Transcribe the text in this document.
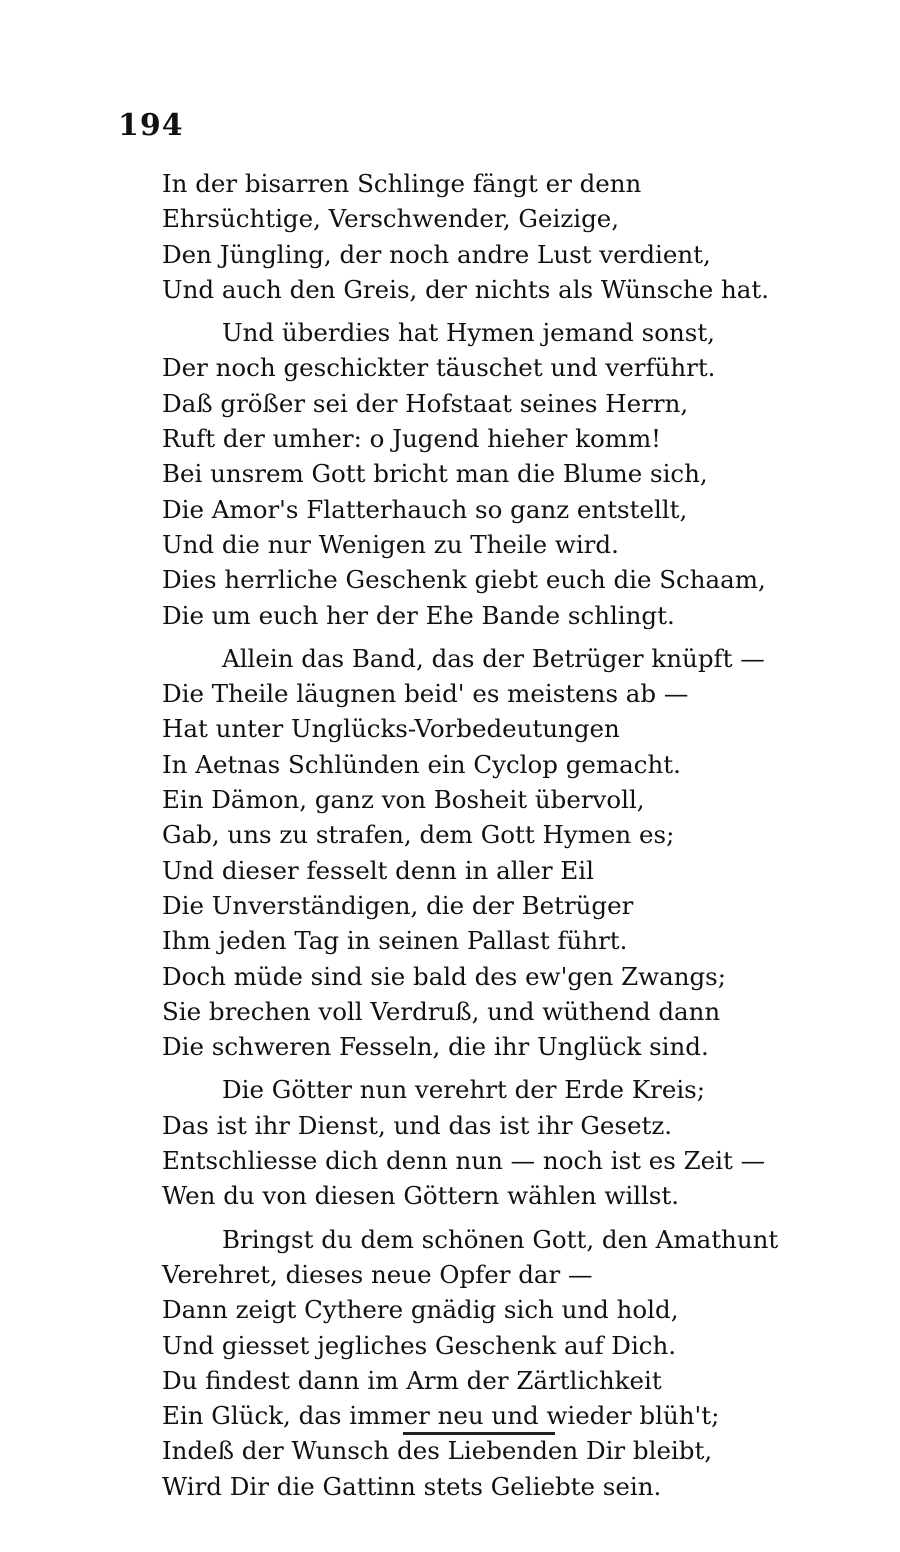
194
In der bisarren Schlinge fängt er denn
Ehrsüchtige, Verschwender, Geizige,
Den Jüngling, der noch andre Lust verdient,
Und auch den Greis, der nichts als Wünsche hat.
Und überdies hat Hymen jemand sonst,
Der noch geschickter täuschet und verführt.
Daß größer sei der Hofstaat seines Herrn,
Ruft der umher: o Jugend hieher komm!
Bei unsrem Gott bricht man die Blume sich,
Die Amor's Flatterhauch so ganz entstellt,
Und die nur Wenigen zu Theile wird.
Dies herrliche Geschenk giebt euch die Schaam,
Die um euch her der Ehe Bande schlingt.
Allein das Band, das der Betrüger knüpft —
Die Theile läugnen beid' es meistens ab —
Hat unter Unglücks-Vorbedeutungen
In Aetnas Schlünden ein Cyclop gemacht.
Ein Dämon, ganz von Bosheit übervoll,
Gab, uns zu strafen, dem Gott Hymen es;
Und dieser fesselt denn in aller Eil
Die Unverständigen, die der Betrüger
Ihm jeden Tag in seinen Pallast führt.
Doch müde sind sie bald des ew'gen Zwangs;
Sie brechen voll Verdruß, und wüthend dann
Die schweren Fesseln, die ihr Unglück sind.
Die Götter nun verehrt der Erde Kreis;
Das ist ihr Dienst, und das ist ihr Gesetz.
Entschliesse dich denn nun — noch ist es Zeit —
Wen du von diesen Göttern wählen willst.
Bringst du dem schönen Gott, den Amathunt
Verehret, dieses neue Opfer dar —
Dann zeigt Cythere gnädig sich und hold,
Und giesset jegliches Geschenk auf Dich.
Du findest dann im Arm der Zärtlichkeit
Ein Glück, das immer neu und wieder blüh't;
Indeß der Wunsch des Liebenden Dir bleibt,
Wird Dir die Gattinn stets Geliebte sein.
